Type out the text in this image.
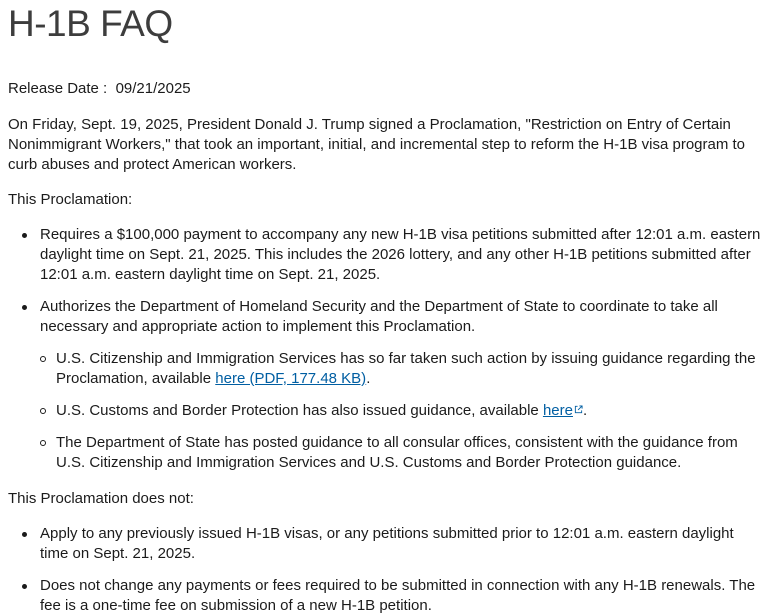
H-1B FAQ

Release Date : 09/21/2025

On Friday, Sept. 19, 2025, President Donald J. Trump signed a Proclamation, "Restriction on Entry of Certain Nonimmigrant Workers," that took an important, initial, and incremental step to reform the H-1B visa program to curb abuses and protect American workers.

This Proclamation:

Requires a $100,000 payment to accompany any new H-1B visa petitions submitted after 12:01 a.m. eastern daylight time on Sept. 21, 2025. This includes the 2026 lottery, and any other H-1B petitions submitted after 12:01 a.m. eastern daylight time on Sept. 21, 2025.
Authorizes the Department of Homeland Security and the Department of State to coordinate to take all necessary and appropriate action to implement this Proclamation.
U.S. Citizenship and Immigration Services has so far taken such action by issuing guidance regarding the Proclamation, available here (PDF, 177.48 KB).
U.S. Customs and Border Protection has also issued guidance, available here .
The Department of State has posted guidance to all consular offices, consistent with the guidance from U.S. Citizenship and Immigration Services and U.S. Customs and Border Protection guidance.

This Proclamation does not:

Apply to any previously issued H-1B visas, or any petitions submitted prior to 12:01 a.m. eastern daylight time on Sept. 21, 2025.
Does not change any payments or fees required to be submitted in connection with any H-1B renewals. The fee is a one-time fee on submission of a new H-1B petition.
